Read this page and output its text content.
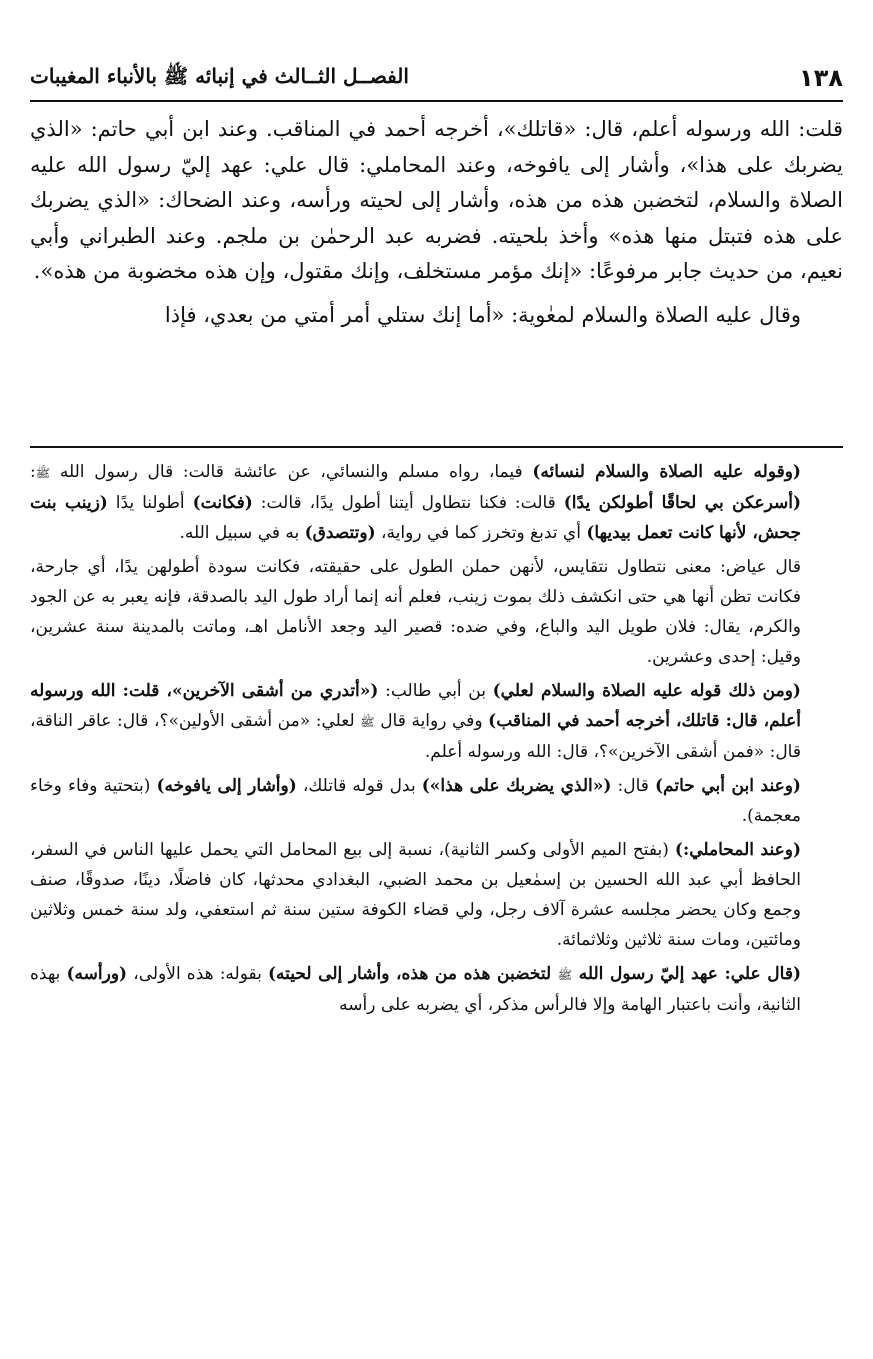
١٣٨
الفصــل الثــالث في إنبائه ﷺ بالأنباء المغيبات

قلت: الله ورسوله أعلم، قال: «قاتلك»، أخرجه أحمد في المناقب. وعند ابن أبي حاتم: «الذي يضربك على هذا»، وأشار إلى يافوخه، وعند المحاملي: قال علي: عهد إليّ رسول الله عليه الصلاة والسلام، لتخضبن هذه من هذه، وأشار إلى لحيته ورأسه، وعند الضحاك: «الذي يضربك على هذه فتبتل منها هذه» وأخذ بلحيته. فضربه عبد الرحمٰن بن ملجم. وعند الطبراني وأبي نعيم، من حديث جابر مرفوعًا: «إنك مؤمر مستخلف، وإنك مقتول، وإن هذه مخضوبة من هذه».

وقال عليه الصلاة والسلام لمعٰوية: «أما إنك ستلي أمر أمتي من بعدي، فإذا

(وقوله عليه الصلاة والسلام لنسائه) فيما، رواه مسلم والنسائي، عن عائشة قالت: قال رسول الله ﷺ: (أسرعكن بي لحاقًا أطولكن يدًا) قالت: فكنا نتطاول أيتنا أطول يدًا، قالت: (فكانت) أطولنا يدًا (زينب بنت جحش، لأنها كانت تعمل بيديها) أي تدبغ وتخرز كما في رواية، (وتتصدق) به في سبيل الله.

قال عياض: معنى نتطاول نتقايس، لأنهن حملن الطول على حقيقته، فكانت سودة أطولهن يدًا، أي جارحة، فكانت تظن أنها هي حتى انكشف ذلك بموت زينب، فعلم أنه إنما أراد طول اليد بالصدقة، فإنه يعبر به عن الجود والكرم، يقال: فلان طويل اليد والباع، وفي ضده: قصير اليد وجعد الأنامل اهـ، وماتت بالمدينة سنة عشرين، وقيل: إحدى وعشرين.

(ومن ذلك قوله عليه الصلاة والسلام لعلي) بن أبي طالب: («أتدري من أشقى الآخرين»، قلت: الله ورسوله أعلم، قال: قاتلك، أخرجه أحمد في المناقب) وفي رواية قال ﷺ لعلي: «من أشقى الأولين»؟، قال: عاقر الناقة، قال: «فمن أشقى الآخرين»؟، قال: الله ورسوله أعلم.

(وعند ابن أبي حاتم) قال: («الذي يضربك على هذا») بدل قوله قاتلك، (وأشار إلى يافوخه) (بتحتية وفاء وخاء معجمة).

(وعند المحاملي:) (بفتح الميم الأولى وكسر الثانية)، نسبة إلى بيع المحامل التي يحمل عليها الناس في السفر، الحافظ أبي عبد الله الحسين بن إسمٰعيل بن محمد الضبي، البغدادي محدثها، كان فاضلًا، دينًا، صدوقًا، صنف وجمع وكان يحضر مجلسه عشرة آلاف رجل، ولي قضاء الكوفة ستين سنة ثم استعفي، ولد سنة خمس وثلاثين ومائتين، ومات سنة ثلاثين وثلاثمائة.

(قال علي: عهد إليّ رسول الله ﷺ لتخضبن هذه من هذه، وأشار إلى لحيته) بقوله: هذه الأولى، (ورأسه) بهذه الثانية، وأنت باعتبار الهامة وإلا فالرأس مذكر، أي يضربه على رأسه
